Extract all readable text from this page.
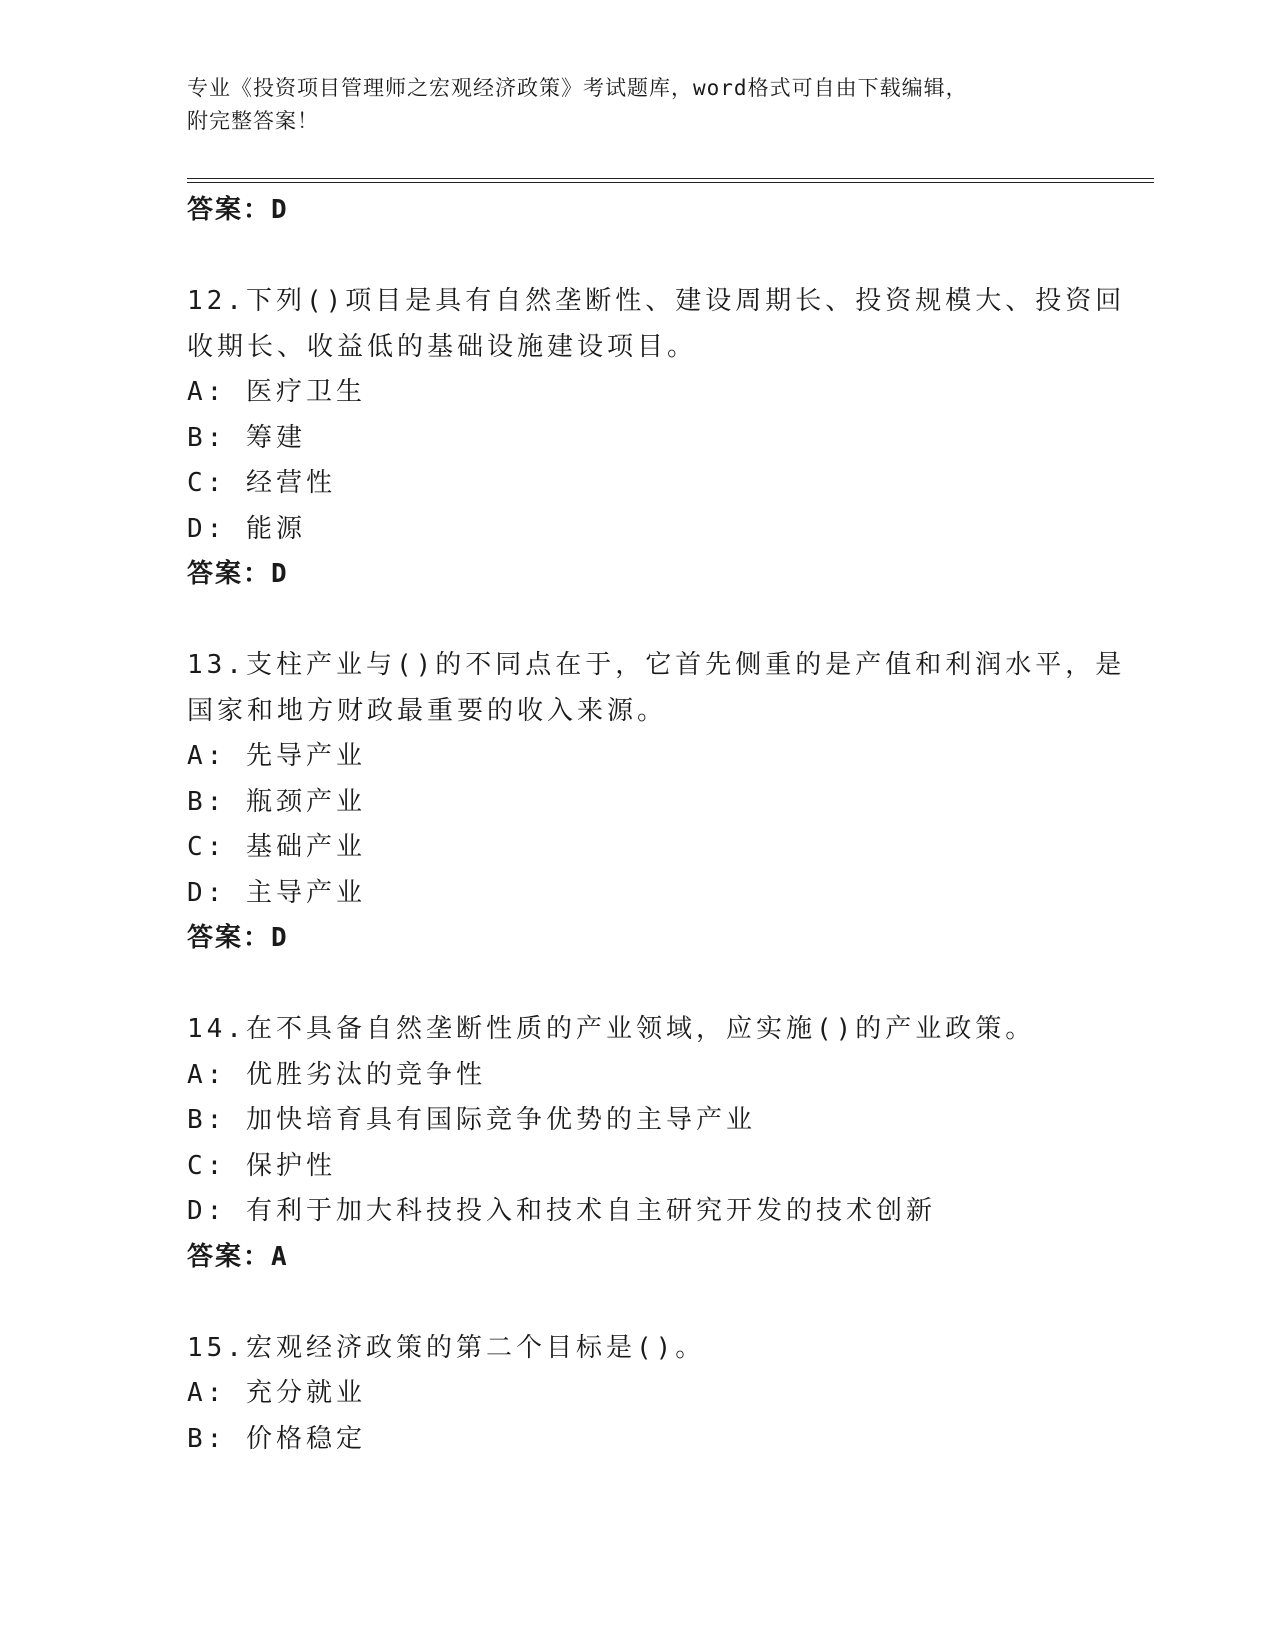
专业《投资项目管理师之宏观经济政策》考试题库，word格式可自由下载编辑，
附完整答案！
答案：D
12.下列()项目是具有自然垄断性、建设周期长、投资规模大、投资回
收期长、收益低的基础设施建设项目。
A: 医疗卫生
B: 筹建
C: 经营性
D: 能源
答案：D
13.支柱产业与()的不同点在于，它首先侧重的是产值和利润水平，是
国家和地方财政最重要的收入来源。
A: 先导产业
B: 瓶颈产业
C: 基础产业
D: 主导产业
答案：D
14.在不具备自然垄断性质的产业领域，应实施()的产业政策。
A: 优胜劣汰的竞争性
B: 加快培育具有国际竞争优势的主导产业
C: 保护性
D: 有利于加大科技投入和技术自主研究开发的技术创新
答案：A
15.宏观经济政策的第二个目标是()。
A: 充分就业
B: 价格稳定
